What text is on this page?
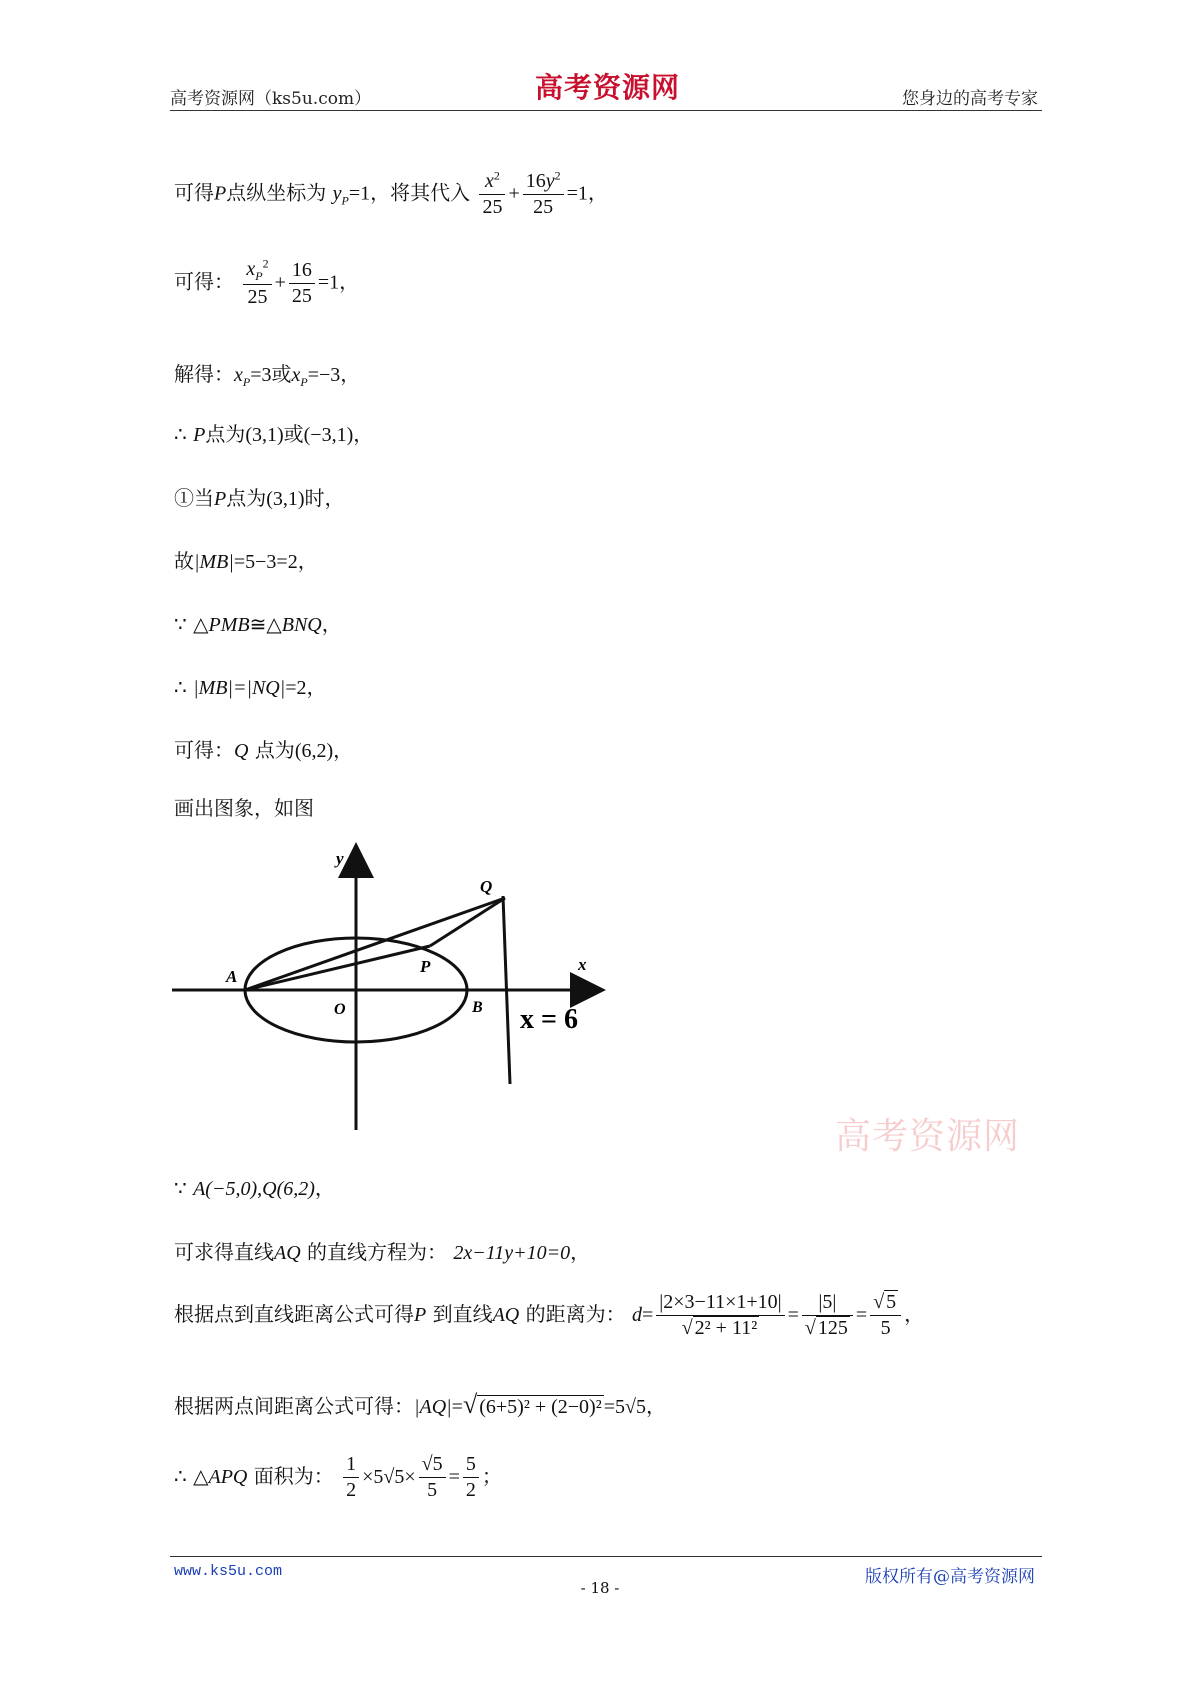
高考资源网（ks5u.com）	高考资源网	您身边的高考专家
可得P点纵坐标为 $y_P=1$，将其代入 $\frac{x^2}{25} + \frac{16y^2}{25} =1$，
可得： $\frac{x_P^2}{25} + \frac{16}{25} =1$，
解得：$x_P=3$或$x_P=-3$，
∴ P点为(3,1)或(−3,1)，
①当P点为(3,1)时，
故|MB|=5−3=2，
∵ △PMB≅△BNQ，
∴ |MB|=|NQ|=2，
可得：Q 点为(6,2)，
画出图象，如图
y
x
O
A
B
P
Q
x = 6
高考资源网
∵ A(−5,0),Q(6,2)，
可求得直线AQ 的直线方程为： 2x−11y+10=0，
根据点到直线距离公式可得P 到直线AQ 的距离为： $d= \frac{|2\times 3-11\times 1+10|}{\text{√ 2² + 11²}} = \frac{|5|}{√ 125} = \frac{√ 5}{5}$ ，
根据两点间距离公式可得：|AQ|=√ (6+5)² + (2−0)² =5√5，
∴ △APQ 面积为： $\frac{1}{2} \times 5√5\times \frac{√5}{5} = \frac{5}{2}$ ；
www.ks5u.com
- 18 -
版权所有@高考资源网
